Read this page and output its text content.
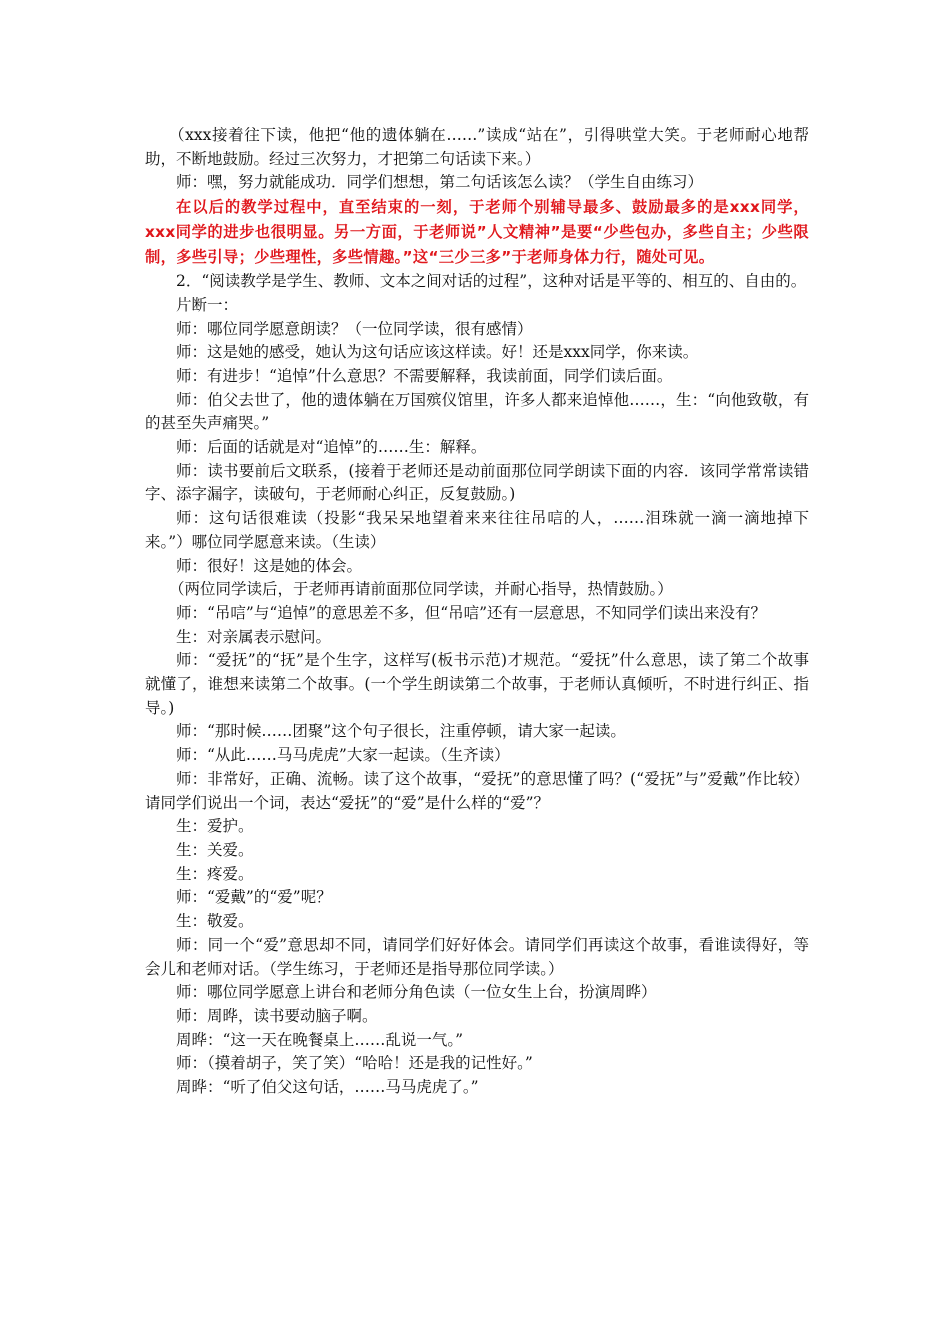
（xxx接着往下读，他把“他的遗体躺在……”读成“站在”，引得哄堂大笑。于老师耐心地帮助，不断地鼓励。经过三次努力，才把第二句话读下来。）

师：嘿，努力就能成功．同学们想想，第二句话该怎么读？（学生自由练习）

在以后的教学过程中，直至结束的一刻，于老师个别辅导最多、鼓励最多的是xxx同学，xxx同学的进步也很明显。另一方面，于老师说”人文精神”是要“少些包办，多些自主；少些限制，多些引导；少些理性，多些情趣。”这“三少三多”于老师身体力行，随处可见。

2．“阅读教学是学生、教师、文本之间对话的过程”，这种对话是平等的、相互的、自由的。

片断一：

师：哪位同学愿意朗读？（一位同学读，很有感情）

师：这是她的感受，她认为这句话应该这样读。好！还是xxx同学，你来读。

师：有进步！“追悼”什么意思？不需要解释，我读前面，同学们读后面。

师：伯父去世了，他的遗体躺在万国殡仪馆里，许多人都来追悼他……，生：“向他致敬，有的甚至失声痛哭。”

师：后面的话就是对“追悼”的……生：解释。

师：读书要前后文联系，(接着于老师还是动前面那位同学朗读下面的内容．该同学常常读错字、添字漏字，读破句，于老师耐心纠正，反复鼓励。)

师：这句话很难读（投影“我呆呆地望着来来往往吊唁的人，……泪珠就一滴一滴地掉下来。”）哪位同学愿意来读。（生读）

师：很好！这是她的体会。

（两位同学读后，于老师再请前面那位同学读，并耐心指导，热情鼓励。）

师：“吊唁”与“追悼”的意思差不多，但“吊唁”还有一层意思，不知同学们读出来没有？

生：对亲属表示慰问。

师：“爱抚”的“抚”是个生字，这样写(板书示范)才规范。“爱抚”什么意思，读了第二个故事就懂了，谁想来读第二个故事。(一个学生朗读第二个故事，于老师认真倾听，不时进行纠正、指导。)

师：“那时候……团聚”这个句子很长，注重停顿，请大家一起读。

师：“从此……马马虎虎”大家一起读。（生齐读）

师：非常好，正确、流畅。读了这个故事，“爱抚”的意思懂了吗？(“爱抚”与”爱戴”作比较）请同学们说出一个词，表达“爱抚”的“爱”是什么样的“爱”？

生：爱护。

生：关爱。

生：疼爱。

师：“爱戴”的“爱”呢？

生：敬爱。

师：同一个“爱”意思却不同，请同学们好好体会。请同学们再读这个故事，看谁读得好，等会儿和老师对话。（学生练习，于老师还是指导那位同学读。）

师：哪位同学愿意上讲台和老师分角色读（一位女生上台，扮演周晔）

师：周晔，读书要动脑子啊。

周晔：“这一天在晚餐桌上……乱说一气。”

师：（摸着胡子，笑了笑）“哈哈！还是我的记性好。”

周晔：“听了伯父这句话，……马马虎虎了。”
